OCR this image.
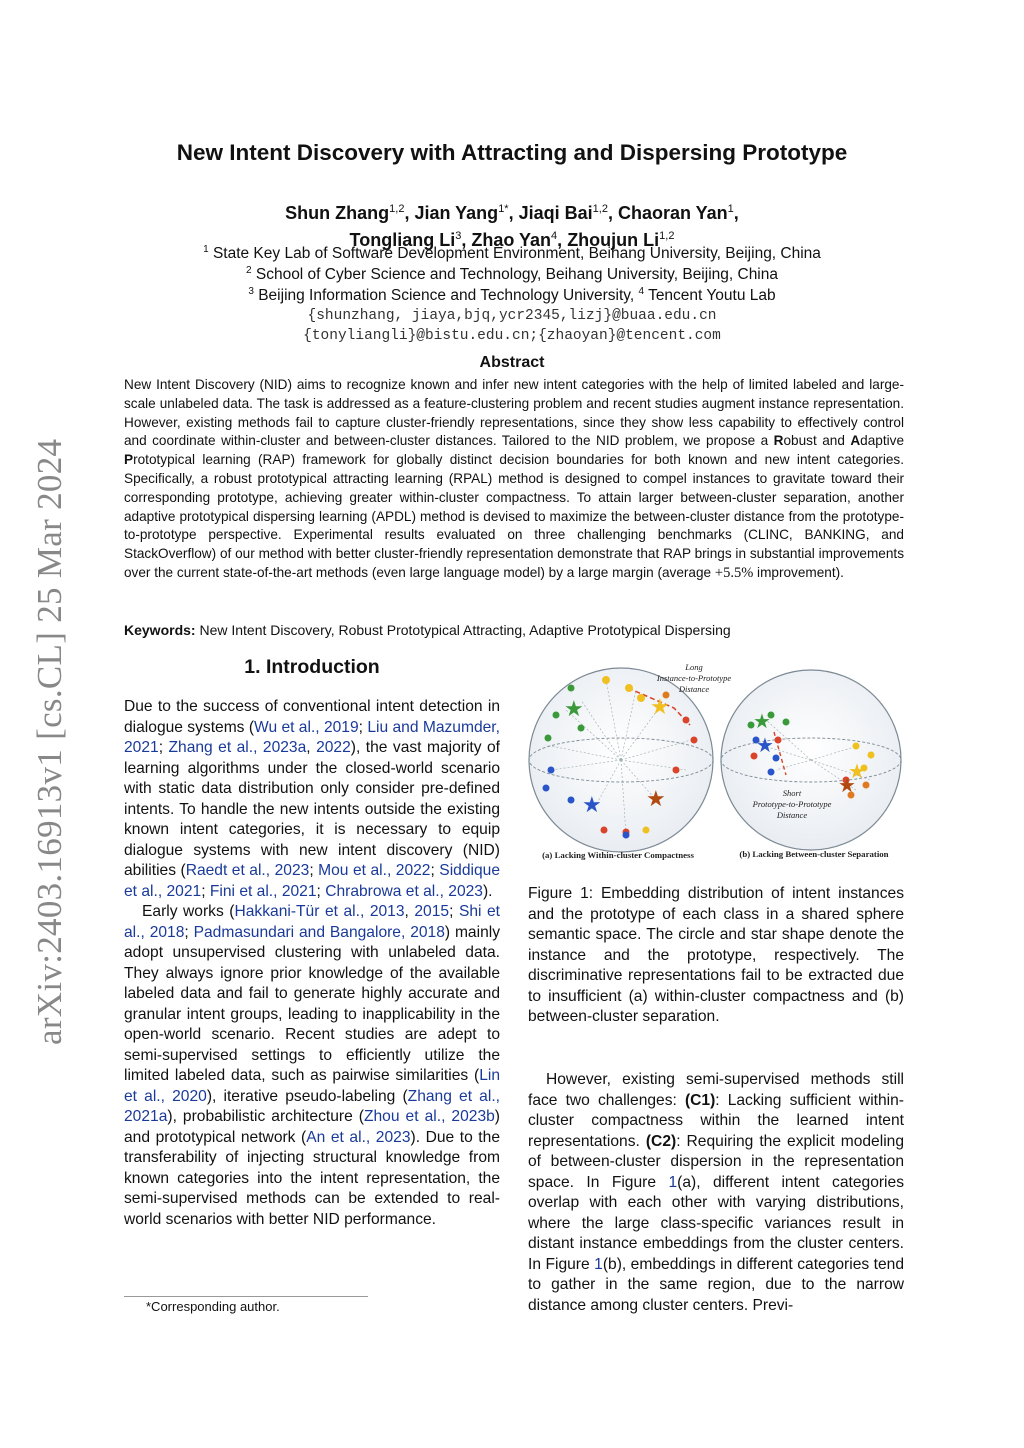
arXiv:2403.16913v1 [cs.CL] 25 Mar 2024
New Intent Discovery with Attracting and Dispersing Prototype
Shun Zhang$^{1,2}$, Jian Yang$^{1*}$, Jiaqi Bai$^{1,2}$, Chaoran Yan$^1$,
Tongliang Li$^3$, Zhao Yan$^4$, Zhoujun Li$^{1,2}$
$^1$ State Key Lab of Software Development Environment, Beihang University, Beijing, China
$^2$ School of Cyber Science and Technology, Beihang University, Beijing, China
$^3$ Beijing Information Science and Technology University, $^4$ Tencent Youtu Lab
{shunzhang, jiaya,bjq,ycr2345,lizj}@buaa.edu.cn
{tonyliangli}@bistu.edu.cn;{zhaoyan}@tencent.com
Abstract
New Intent Discovery (NID) aims to recognize known and infer new intent categories with the help of limited labeled and large-scale unlabeled data. The task is addressed as a feature-clustering problem and recent studies augment instance representation. However, existing methods fail to capture cluster-friendly representations, since they show less capability to effectively control and coordinate within-cluster and between-cluster distances. Tailored to the NID problem, we propose a Robust and Adaptive Prototypical learning (RAP) framework for globally distinct decision boundaries for both known and new intent categories. Specifically, a robust prototypical attracting learning (RPAL) method is designed to compel instances to gravitate toward their corresponding prototype, achieving greater within-cluster compactness. To attain larger between-cluster separation, another adaptive prototypical dispersing learning (APDL) method is devised to maximize the between-cluster distance from the prototype-to-prototype perspective. Experimental results evaluated on three challenging benchmarks (CLINC, BANKING, and StackOverflow) of our method with better cluster-friendly representation demonstrate that RAP brings in substantial improvements over the current state-of-the-art methods (even large language model) by a large margin (average +5.5% improvement).
Keywords: New Intent Discovery, Robust Prototypical Attracting, Adaptive Prototypical Dispersing
1. Introduction

Due to the success of conventional intent detection in dialogue systems (Wu et al., 2019; Liu and Mazumder, 2021; Zhang et al., 2023a, 2022), the vast majority of learning algorithms under the closed-world scenario with static data distribution only consider pre-defined intents. To handle the new intents outside the existing known intent categories, it is necessary to equip dialogue systems with new intent discovery (NID) abilities (Raedt et al., 2023; Mou et al., 2022; Siddique et al., 2021; Fini et al., 2021; Chrabrowa et al., 2023).

Early works (Hakkani-Tür et al., 2013, 2015; Shi et al., 2018; Padmasundari and Bangalore, 2018) mainly adopt unsupervised clustering with unlabeled data. They always ignore prior knowledge of the available labeled data and fail to generate highly accurate and granular intent groups, leading to inapplicability in the open-world scenario. Recent studies are adept to semi-supervised settings to efficiently utilize the limited labeled data, such as pairwise similarities (Lin et al., 2020), iterative pseudo-labeling (Zhang et al., 2021a), probabilistic architecture (Zhou et al., 2023b) and prototypical network (An et al., 2023). Due to the transferability of injecting structural knowledge from known categories into the intent representation, the semi-supervised methods can be extended to real-world scenarios with better NID performance.

*Corresponding author.
★	★
★ ★
★
★
★
★
Long
Instance-to-Prototype
Distance
Short
Prototype-to-Prototype
Distance
(a) Lacking Within-cluster Compactness	(b) Lacking Between-cluster Separation
Figure 1: Embedding distribution of intent instances and the prototype of each class in a shared sphere semantic space. The circle and star shape denote the instance and the prototype, respectively. The discriminative representations fail to be extracted due to insufficient (a) within-cluster compactness and (b) between-cluster separation.

However, existing semi-supervised methods still face two challenges: (C1): Lacking sufficient within-cluster compactness within the learned intent representations. (C2): Requiring the explicit modeling of between-cluster dispersion in the representation space. In Figure 1(a), different intent categories overlap with each other with varying distributions, where the large class-specific variances result in distant instance embeddings from the cluster centers. In Figure 1(b), embeddings in different categories tend to gather in the same region, due to the narrow distance among cluster centers. Previ-
